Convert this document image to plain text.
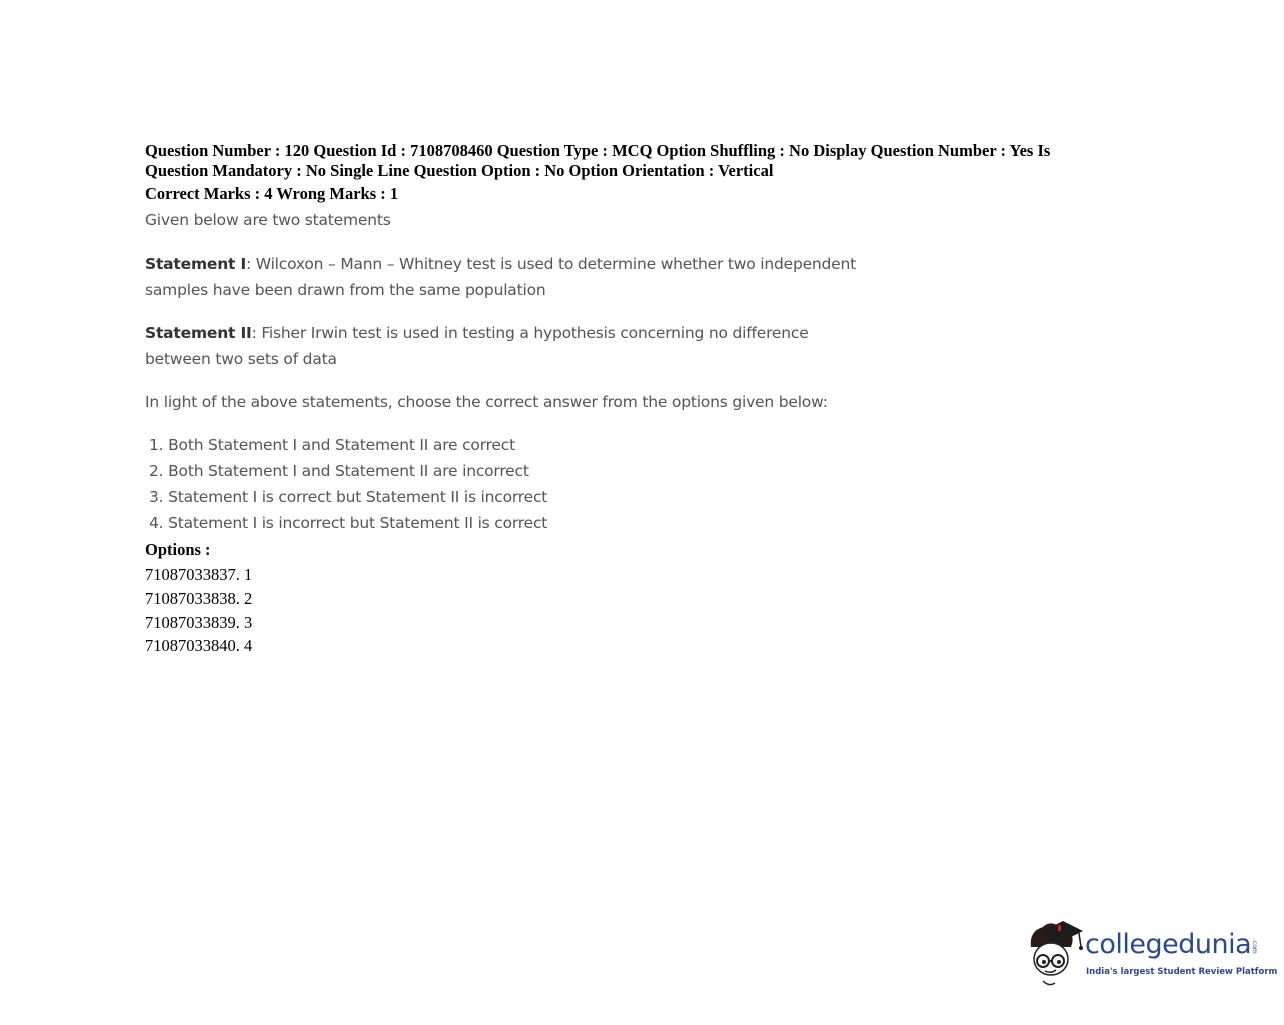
Question Number : 120 Question Id : 7108708460 Question Type : MCQ Option Shuffling : No Display Question Number : Yes Is
Question Mandatory : No Single Line Question Option : No Option Orientation : Vertical
Correct Marks : 4 Wrong Marks : 1
Given below are two statements
Statement I: Wilcoxon – Mann – Whitney test is used to determine whether two independent
samples have been drawn from the same population
Statement II: Fisher Irwin test is used in testing a hypothesis concerning no difference
between two sets of data
In light of the above statements, choose the correct answer from the options given below:
1. Both Statement I and Statement II are correct
2. Both Statement I and Statement II are incorrect
3. Statement I is correct but Statement II is incorrect
4. Statement I is incorrect but Statement II is correct
Options :
71087033837. 1
71087033838. 2
71087033839. 3
71087033840. 4
collegedunia .com
India's largest Student Review Platform
